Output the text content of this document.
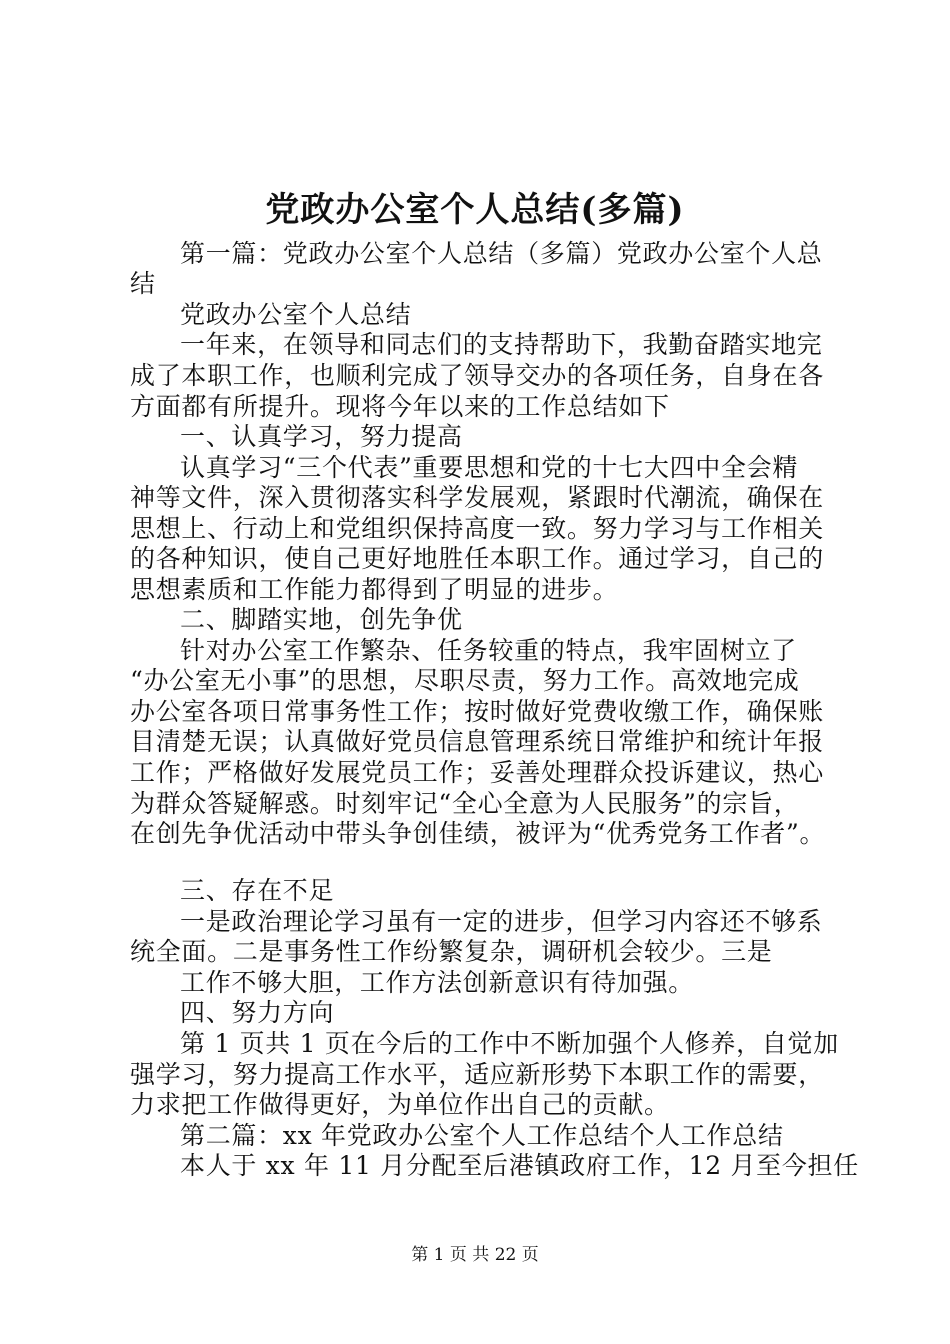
党政办公室个人总结(多篇)
第一篇：党政办公室个人总结（多篇）党政办公室个人总
结
党政办公室个人总结
一年来，在领导和同志们的支持帮助下，我勤奋踏实地完
成了本职工作，也顺利完成了领导交办的各项任务，自身在各
方面都有所提升。现将今年以来的工作总结如下
一、认真学习，努力提高
认真学习“三个代表”重要思想和党的十七大四中全会精
神等文件，深入贯彻落实科学发展观，紧跟时代潮流，确保在
思想上、行动上和党组织保持高度一致。努力学习与工作相关
的各种知识，使自己更好地胜任本职工作。通过学习，自己的
思想素质和工作能力都得到了明显的进步。
二、脚踏实地，创先争优
针对办公室工作繁杂、任务较重的特点，我牢固树立了
“办公室无小事”的思想，尽职尽责，努力工作。高效地完成
办公室各项日常事务性工作；按时做好党费收缴工作，确保账
目清楚无误；认真做好党员信息管理系统日常维护和统计年报
工作；严格做好发展党员工作；妥善处理群众投诉建议，热心
为群众答疑解惑。时刻牢记“全心全意为人民服务”的宗旨，
在创先争优活动中带头争创佳绩，被评为“优秀党务工作者”。
三、存在不足
一是政治理论学习虽有一定的进步，但学习内容还不够系
统全面。二是事务性工作纷繁复杂，调研机会较少。三是
工作不够大胆，工作方法创新意识有待加强。
四、努力方向
第 1 页共 1 页在今后的工作中不断加强个人修养，自觉加
强学习，努力提高工作水平，适应新形势下本职工作的需要，
力求把工作做得更好，为单位作出自己的贡献。
第二篇：xx 年党政办公室个人工作总结个人工作总结
本人于 xx 年 11 月分配至后港镇政府工作，12 月至今担任
第 1 页 共 22 页
